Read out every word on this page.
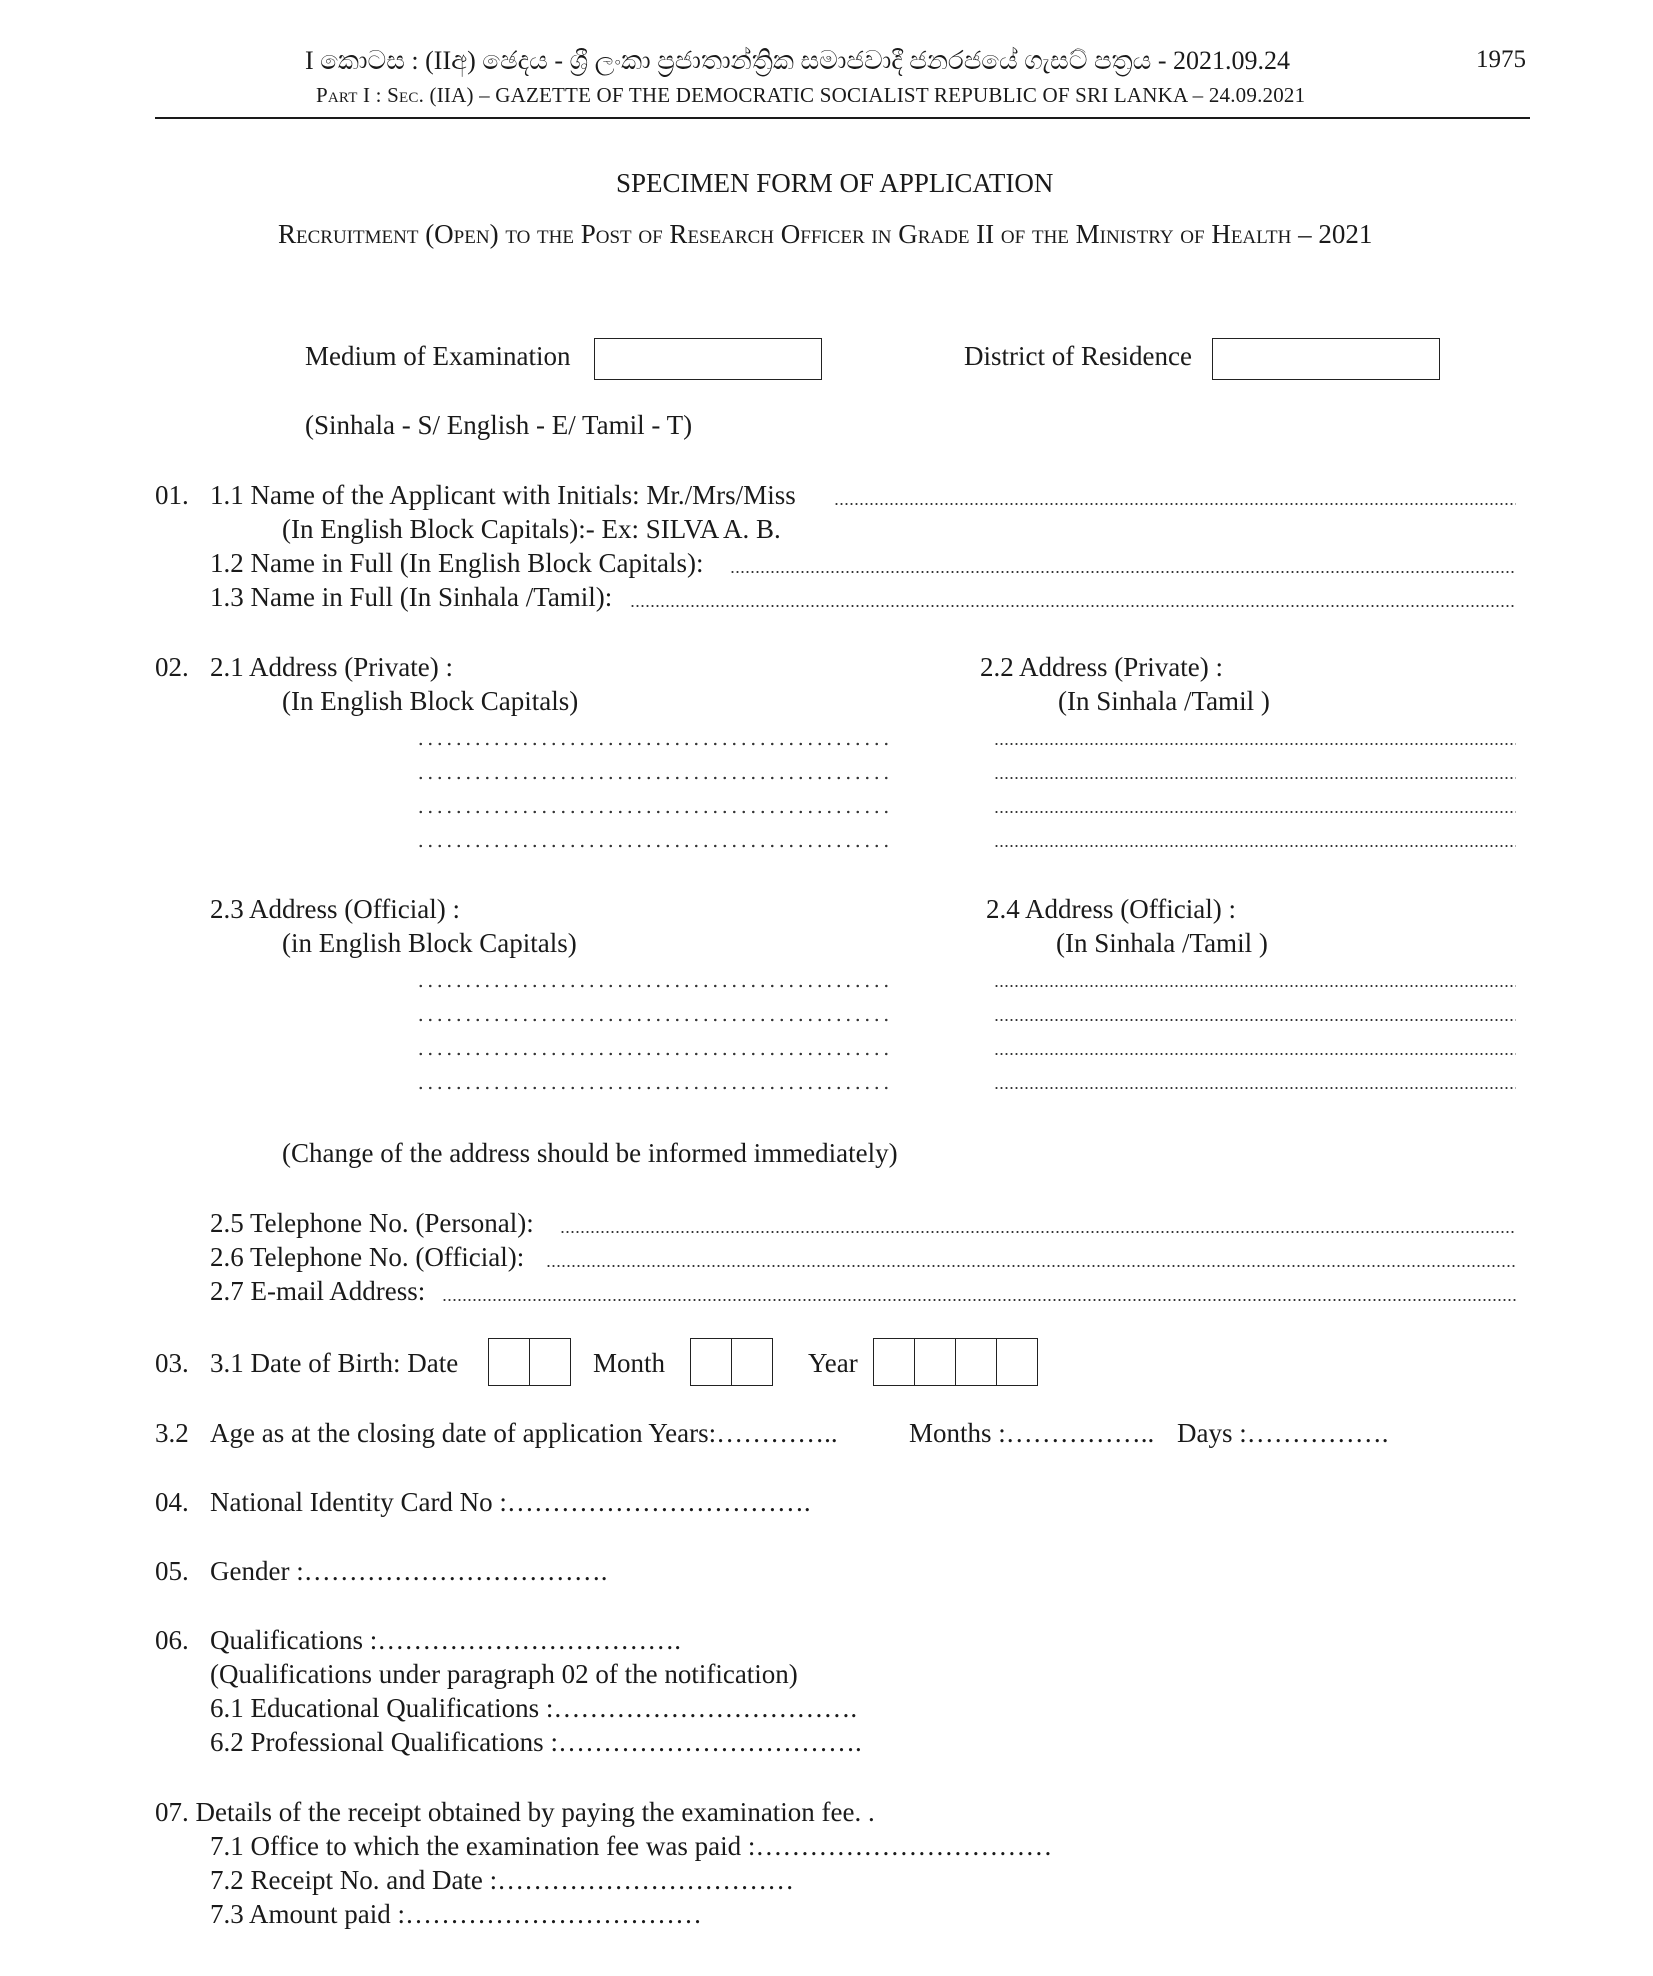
I කොටස : (IIඅ) ඡෙදය - ශ්‍රී ලංකා ප්‍රජාතාන්ත්‍රික සමාජවාදී ජනරජයේ ගැසට් පත්‍රය - 2021.09.24	1975
Part I : Sec. (IIA) – GAZETTE OF THE DEMOCRATIC SOCIALIST REPUBLIC OF SRI LANKA – 24.09.2021
SPECIMEN FORM OF APPLICATION
Recruitment (Open) to the Post of Research Officer in Grade II of the Ministry of Health – 2021
Medium of Examination	District of Residence
(Sinhala - S/ English - E/ Tamil - T)
01. 1.1 Name of the Applicant with Initials: Mr./Mrs/Miss
(In English Block Capitals):- Ex: SILVA A. B.
1.2 Name in Full (In English Block Capitals):
1.3 Name in Full (In Sinhala /Tamil):
02. 2.1 Address (Private) :	2.2 Address (Private) :
(In English Block Capitals)	(In Sinhala /Tamil )
2.3 Address (Official) :	2.4 Address (Official) :
(in English Block Capitals)	(In Sinhala /Tamil )
(Change of the address should be informed immediately)
2.5 Telephone No. (Personal):
2.6 Telephone No. (Official):
2.7 E-mail Address:
03. 3.1 Date of Birth: Date	Month	Year
3.2 Age as at the closing date of application Years:…………..	Months :…………….. Days :…………….
04. National Identity Card No :…………………………….
05. Gender :…………………………….
06. Qualifications :…………………………….
(Qualifications under paragraph 02 of the notification)
6.1 Educational Qualifications :…………………………….
6.2 Professional Qualifications :…………………………….
07. Details of the receipt obtained by paying the examination fee. .
7.1 Office to which the examination fee was paid :……………………………
7.2 Receipt No. and Date :……………………………
7.3 Amount paid :……………………………
